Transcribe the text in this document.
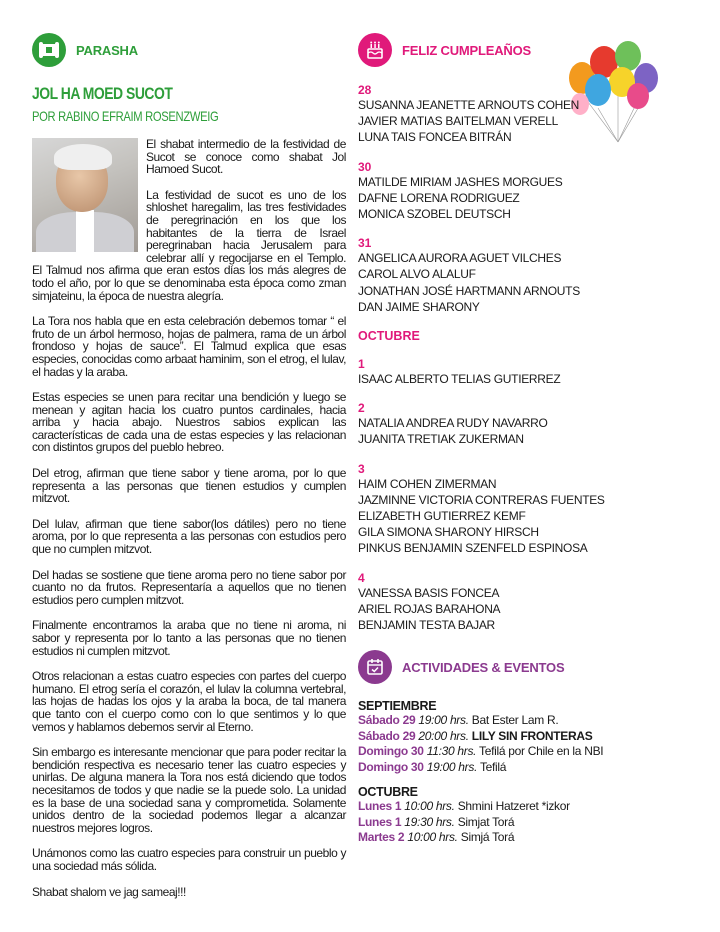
PARASHA
JOL HA MOED SUCOT
POR RABINO EFRAIM ROSENZWEIG

El shabat intermedio de la festividad de Sucot se conoce como shabat Jol Hamoed Sucot.

La festividad de sucot es uno de los shloshet haregalim, las tres festividades de peregrinación en los que los habitantes de la tierra de Israel peregrinaban hacia Jerusalem para celebrar allí y regocijarse en el Templo. El Talmud nos afirma que eran estos días los más alegres de todo el año, por lo que se denominaba esta época como zman simjateinu, la época de nuestra alegría.

La Tora nos habla que en esta celebración debemos tomar “ el fruto de un árbol hermoso, hojas de palmera, rama de un árbol frondoso y hojas de sauce”. El Talmud explica que esas especies, conocidas como arbaat haminim, son el etrog, el lulav, el hadas y la araba.

Estas especies se unen para recitar una bendición y luego se menean y agitan hacia los cuatro puntos cardinales, hacia arriba y hacia abajo. Nuestros sabios explican las características de cada una de estas especies y las relacionan con distintos grupos del pueblo hebreo.

Del etrog, afirman que tiene sabor y tiene aroma, por lo que representa a las personas que tienen estudios y cumplen mitzvot.

Del lulav, afirman que tiene sabor(los dátiles) pero no tiene aroma, por lo que representa a las personas con estudios pero que no cumplen mitzvot.

Del hadas se sostiene que tiene aroma pero no tiene sabor por cuanto no da frutos. Representaría a aquellos que no tienen estudios pero cumplen mitzvot.

Finalmente encontramos la araba que no tiene ni aroma, ni sabor y representa por lo tanto a las personas que no tienen estudios ni cumplen mitzvot.

Otros relacionan a estas cuatro especies con partes del cuerpo humano. El etrog sería el corazón, el lulav la columna vertebral, las hojas de hadas los ojos y la araba la boca, de tal manera que tanto con el cuerpo como con lo que sentimos y lo que vemos y hablamos debemos servir al Eterno.

Sin embargo es interesante mencionar que para poder recitar la bendición respectiva es necesario tener las cuatro especies y unirlas. De alguna manera la Tora nos está diciendo que todos necesitamos de todos y que nadie se la puede solo. La unidad es la base de una sociedad sana y comprometida. Solamente unidos dentro de la sociedad podemos llegar a alcanzar nuestros mejores logros.

Unámonos como las cuatro especies para construir un pueblo y una sociedad más sólida.

Shabat shalom ve jag sameaj!!!

FELIZ CUMPLEAÑOS
28
SUSANNA JEANETTE ARNOUTS COHEN
JAVIER MATIAS BAITELMAN VERELL
LUNA TAIS FONCEA BITRÁN
30
MATILDE MIRIAM JASHES MORGUES
DAFNE LORENA RODRIGUEZ
MONICA SZOBEL DEUTSCH
31
ANGELICA AURORA AGUET VILCHES
CAROL ALVO ALALUF
JONATHAN JOSÉ HARTMANN ARNOUTS
DAN JAIME SHARONY
OCTUBRE
1
ISAAC ALBERTO TELIAS GUTIERREZ
2
NATALIA ANDREA RUDY NAVARRO
JUANITA TRETIAK ZUKERMAN
3
HAIM COHEN ZIMERMAN
JAZMINNE VICTORIA CONTRERAS FUENTES
ELIZABETH GUTIERREZ KEMF
GILA SIMONA SHARONY HIRSCH
PINKUS BENJAMIN SZENFELD ESPINOSA
4
VANESSA BASIS FONCEA
ARIEL ROJAS BARAHONA
BENJAMIN TESTA BAJAR
ACTIVIDADES & EVENTOS
SEPTIEMBRE
Sábado 29 19:00 hrs. Bat Ester Lam R.
Sábado 29 20:00 hrs. LILY SIN FRONTERAS
Domingo 30 11:30 hrs. Tefilá por Chile en la NBI
Domingo 30 19:00 hrs. Tefilá
OCTUBRE
Lunes 1 10:00 hrs. Shmini Hatzeret *izkor
Lunes 1 19:30 hrs. Simjat Torá
Martes 2 10:00 hrs. Simjá Torá
